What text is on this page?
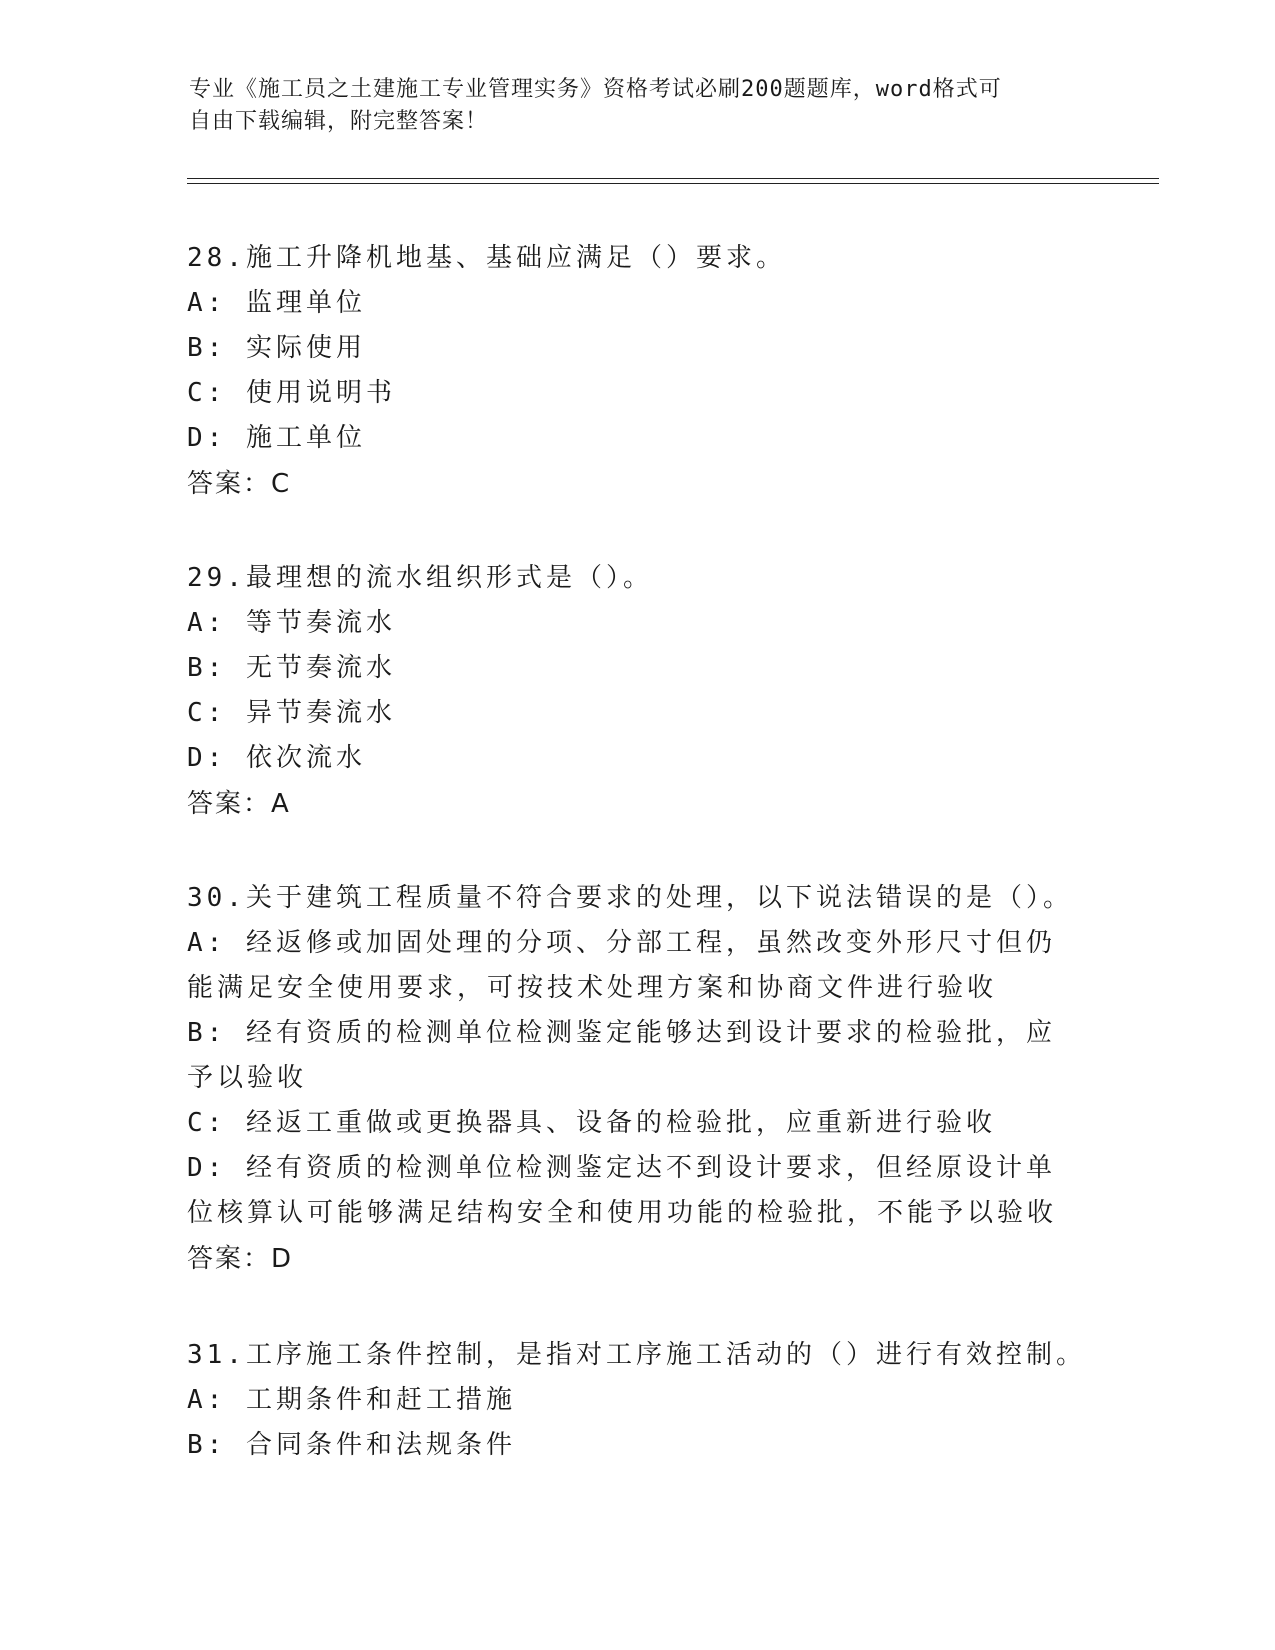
专业《施工员之土建施工专业管理实务》资格考试必刷200题题库，word格式可
自由下载编辑，附完整答案！
28.施工升降机地基、基础应满足（）要求。
A: 监理单位
B: 实际使用
C: 使用说明书
D: 施工单位
答案：C
29.最理想的流水组织形式是（）。
A: 等节奏流水
B: 无节奏流水
C: 异节奏流水
D: 依次流水
答案：A
30.关于建筑工程质量不符合要求的处理，以下说法错误的是（）。
A: 经返修或加固处理的分项、分部工程，虽然改变外形尺寸但仍能满足安全使用要求，可按技术处理方案和协商文件进行验收
B: 经有资质的检测单位检测鉴定能够达到设计要求的检验批，应予以验收
C: 经返工重做或更换器具、设备的检验批，应重新进行验收
D: 经有资质的检测单位检测鉴定达不到设计要求，但经原设计单位核算认可能够满足结构安全和使用功能的检验批，不能予以验收
答案：D
31.工序施工条件控制，是指对工序施工活动的（）进行有效控制。
A: 工期条件和赶工措施
B: 合同条件和法规条件
